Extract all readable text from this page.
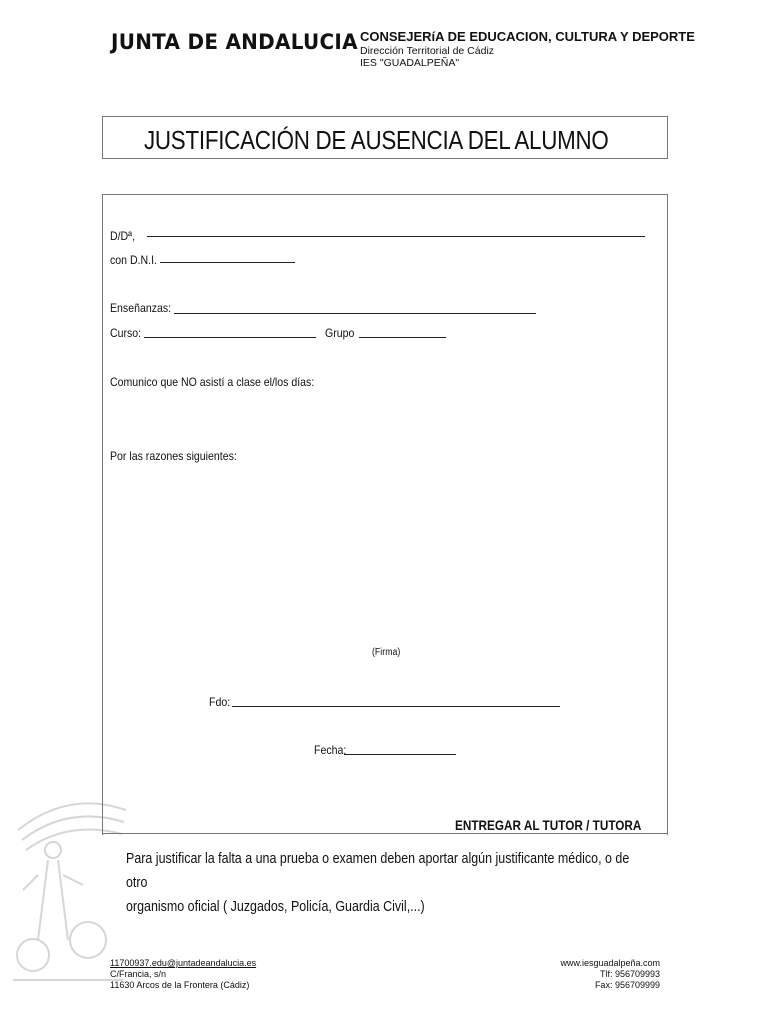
JUNTA DE ANDALUCIA CONSEJERíA DE EDUCACION, CULTURA Y DEPORTE
Dirección Territorial de Cádiz
IES "GUADALPEÑA"
JUSTIFICACIÓN DE AUSENCIA DEL ALUMNO
D/Dª,
con D.N.I.
Enseñanzas:
Curso:	Grupo
Comunico que NO asistí a clase el/los días:
Por las razones siguientes:
(Firma)
Fdo:
Fecha:
ENTREGAR AL TUTOR / TUTORA
Para justificar la falta a una prueba o examen deben aportar algún justificante médico, o de otro
organismo oficial ( Juzgados, Policía, Guardia Civil,...)
11700937.edu@juntadeandalucia.es
C/Francia, s/n
11630 Arcos de la Frontera (Cádiz)
www.iesguadalpeña.com
Tlf: 956709993
Fax: 956709999
